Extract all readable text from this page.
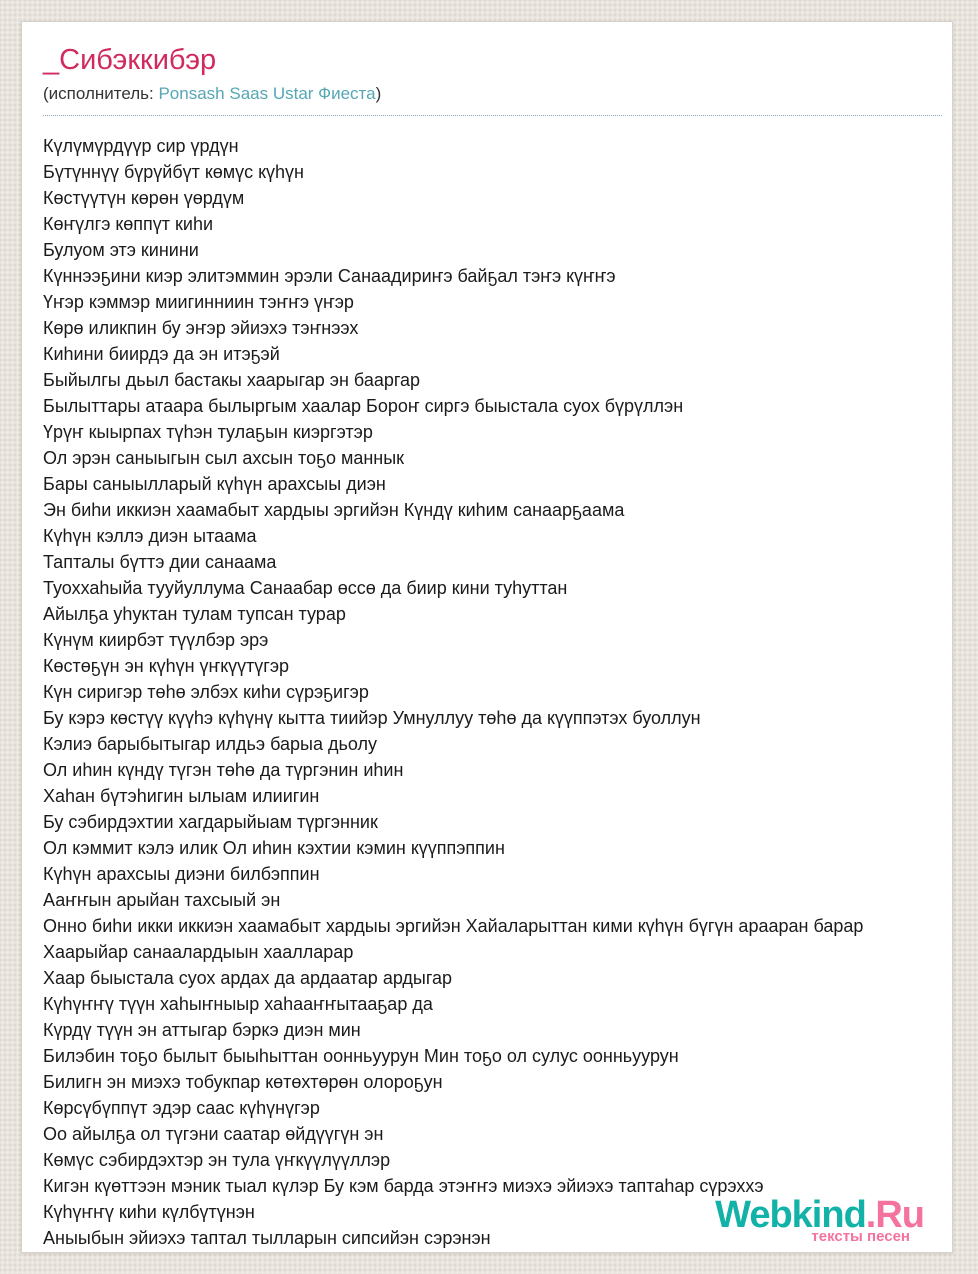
_Сибэккибэр
(исполнитель: Ponsash Saas Ustar Фиеста)
Күлүмүрдүүр сир үрдүн
Бүтүннүү бүрүйбүт көмүс күһүн
Көстүүтүн көрөн үөрдүм
Көҥүлгэ көппүт киһи
Булуом этэ кинини
Күннээҕини киэр элитэммин эрэли Санаадириҥэ байҕал тэҥэ күҥҥэ
Үҥэр кэммэр миигинниин тэҥҥэ үҥэр
Көрө иликпин бу эҥэр эйиэхэ тэҥнээх
Киһини биирдэ да эн итэҕэй
Быйылгы дьыл бастакы хаарыгар эн бааргар
Былыттары атаара былыргым хаалар Бороҥ сиргэ быыстала суох бүрүллэн
Үрүҥ кыырпах түһэн тулаҕын киэргэтэр
Ол эрэн саныыгын сыл ахсын тоҕо маннык
Бары саныылларый күһүн арахсыы диэн
Эн биһи иккиэн хаамабыт хардыы эргийэн Күндү киһим санаарҕаама
Күһүн кэллэ диэн ытаама
Тапталы бүттэ дии санаама
Туоххаһыйа тууйуллума Санаабар өссө да биир кини туһуттан
Айылҕа уһуктан тулам тупсан турар
Күнүм киирбэт түүлбэр эрэ
Көстөҕүн эн күһүн үҥкүүтүгэр
Күн сиригэр төһө элбэх киһи сүрэҕигэр
Бу кэрэ көстүү күүһэ күһүнү кытта тиийэр Умнуллуу төһө да күүппэтэх буоллун
Кэлиэ барыбытыгар илдьэ барыа дьолу
Ол иһин күндү түгэн төһө да түргэнин иһин
Хаһан бүтэһигин ылыам илиигин
Бу сэбирдэхтии хагдарыйыам түргэнник
Ол кэммит кэлэ илик Ол иһин кэхтии кэмин күүппэппин
Күһүн арахсыы диэни билбэппин
Ааҥҥын арыйан тахсыый эн
Онно биһи икки иккиэн хаамабыт хардыы эргийэн Хайаларыттан кими күһүн бүгүн арааран барар
Хаарыйар санаалардыын хаалларар
Хаар быыстала суох ардах да ардаатар ардыгар
Күһүҥҥү түүн хаһыҥныыр хаһааҥҥытааҕар да
Күрдү түүн эн аттыгар бэркэ диэн мин
Билэбин тоҕо былыт быыһыттан оонньуурун Мин тоҕо ол сулус оонньуурун
Билигн эн миэхэ тобукпар көтөхтөрөн олороҕун
Көрсүбүппүт эдэр саас күһүнүгэр
Оо айылҕа ол түгэни саатар өйдүүгүн эн
Көмүс сэбирдэхтэр эн тула үҥкүүлүүллэр
Кигэн күөттээн мэник тыал күлэр Бу кэм барда этэҥҥэ миэхэ эйиэхэ таптаһар сүрэххэ
Күһүҥҥү киһи күлбүтүнэн
Аныыбын эйиэхэ таптал тылларын сипсийэн сэрэнэн
Webkind.Ru
тексты песен
